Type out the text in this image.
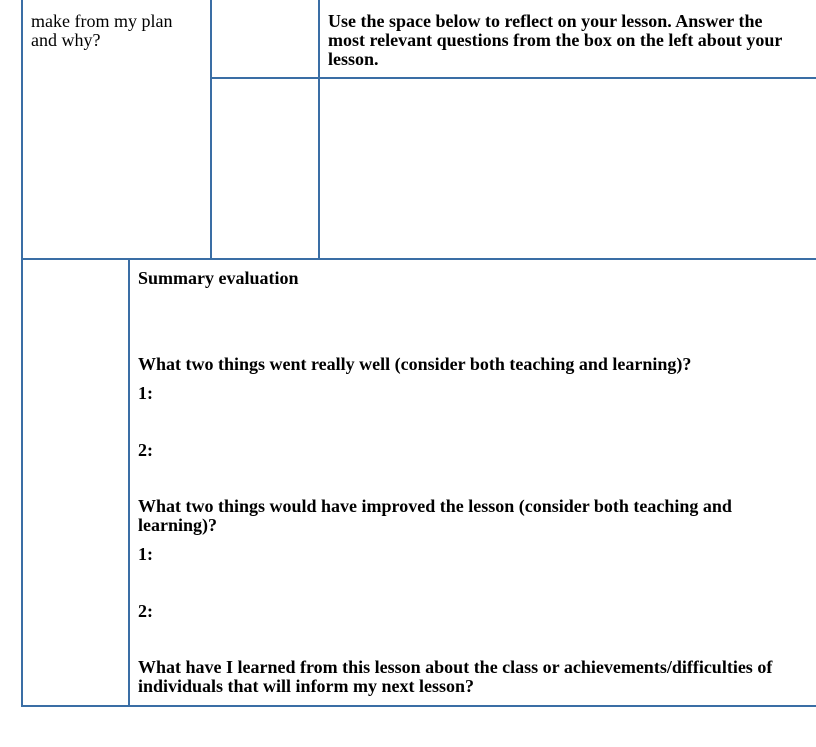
make from my plan
and why?
Use the space below to reflect on your lesson. Answer the
most relevant questions from the box on the left about your
lesson.
Summary evaluation
What two things went really well (consider both teaching and learning)?
1:
2:
What two things would have improved the lesson (consider both teaching and
learning)?
1:
2:
What have I learned from this lesson about the class or achievements/difficulties of
individuals that will inform my next lesson?
